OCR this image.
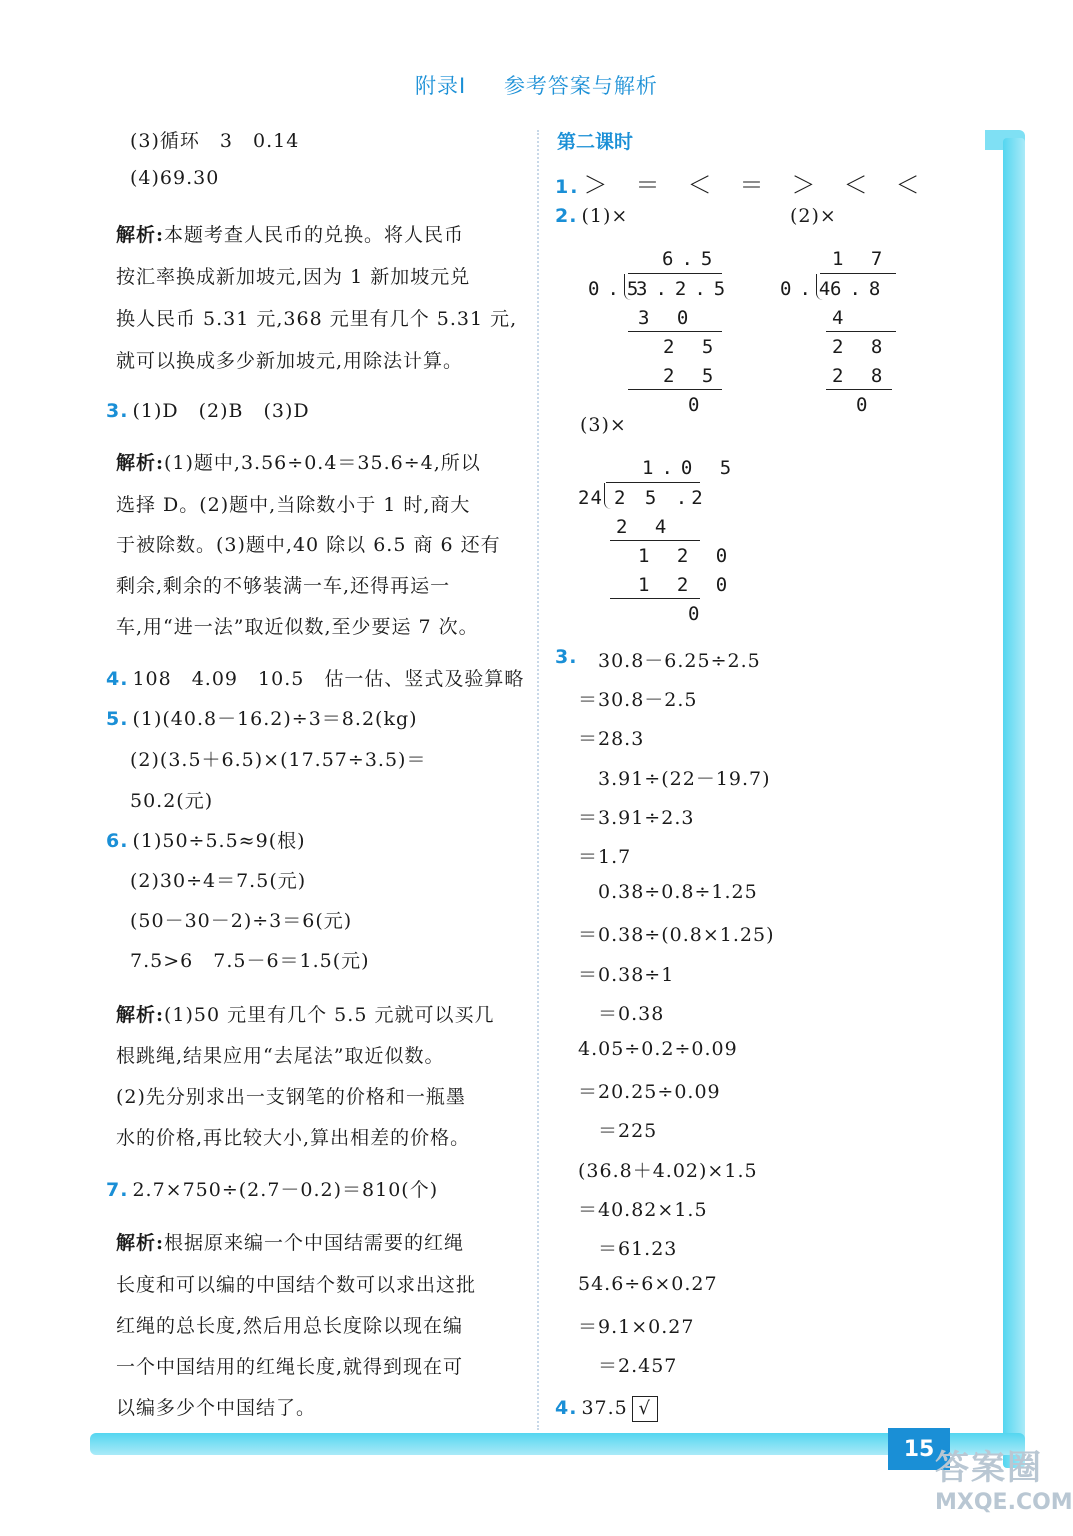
附录Ⅰ 参考答案与解析
(3)循环　3　0.14
(4)69.30
解析:本题考查人民币的兑换。将人民币
按汇率换成新加坡元,因为 1 新加坡元兑
换人民币 5.31 元,368 元里有几个 5.31 元,
就可以换成多少新加坡元,用除法计算。
3. (1)D　(2)B　(3)D
解析:(1)题中,3.56÷0.4＝35.6÷4,所以
选择 D。(2)题中,当除数小于 1 时,商大
于被除数。(3)题中,40 除以 6.5 商 6 还有
剩余,剩余的不够装满一车,还得再运一
车,用“进一法”取近似数,至少要运 7 次。
4. 108　4.09　10.5　估一估、竖式及验算略
5. (1)(40.8－16.2)÷3＝8.2(kg)
(2)(3.5＋6.5)×(17.57÷3.5)＝
50.2(元)
6. (1)50÷5.5≈9(根)
(2)30÷4＝7.5(元)
(50－30－2)÷3＝6(元)
7.5>6　7.5－6＝1.5(元)
解析:(1)50 元里有几个 5.5 元就可以买几
根跳绳,结果应用“去尾法”取近似数。
(2)先分别求出一支钢笔的价格和一瓶墨
水的价格,再比较大小,算出相差的价格。
7. 2.7×750÷(2.7－0.2)＝810(个)
解析:根据原来编一个中国结需要的红绳
长度和可以编的中国结个数可以求出这批
红绳的总长度,然后用总长度除以现在编
一个中国结用的红绳长度,就得到现在可
以编多少个中国结了。
第二课时
1. ＞　＝　＜　＝　＞　＜　＜
2. (1)×	(2)×
6.5
0.5
3.2.5
3 0
2 5
2 5
0
1 7
0.4
6.8
4
2 8
2 8
0
(3)×
1.0 5
24 2 5 .2
2 4
1 2 0
1 2 0
0
3. 30.8－6.25÷2.5
＝30.8－2.5
＝28.3
3.91÷(22－19.7)
＝3.91÷2.3
＝1.7
0.38÷0.8÷1.25
＝0.38÷(0.8×1.25)
＝0.38÷1
＝0.38
4.05÷0.2÷0.09
＝20.25÷0.09
＝225
(36.8＋4.02)×1.5
＝40.82×1.5
＝61.23
54.6÷6×0.27
＝9.1×0.27
＝2.457
4. 37.5 √
15 答案圈
MXQE.COM
